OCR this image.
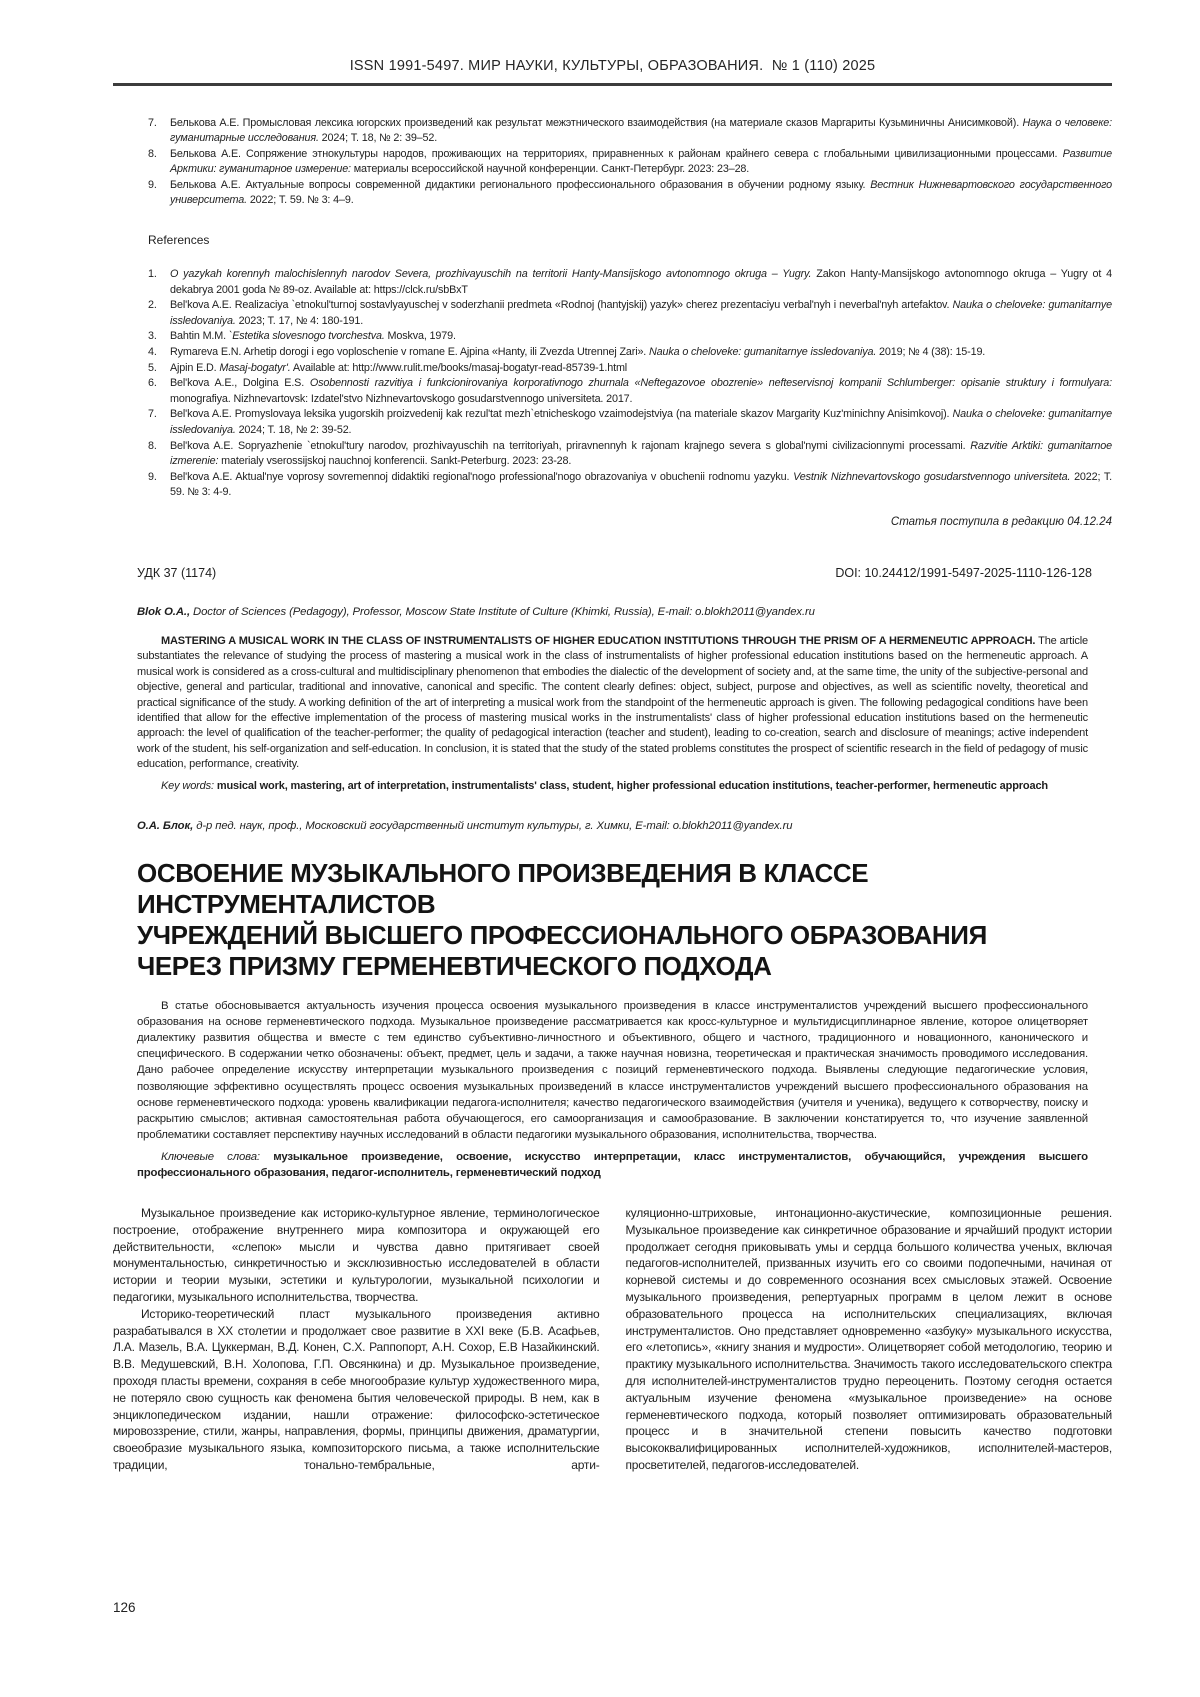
ISSN 1991-5497. МИР НАУКИ, КУЛЬТУРЫ, ОБРАЗОВАНИЯ.  № 1 (110) 2025
7. Белькова А.Е. Промысловая лексика югорских произведений как результат межэтнического взаимодействия (на материале сказов Маргариты Кузьминичны Анисимковой). Наука о человеке: гуманитарные исследования. 2024; Т. 18, № 2: 39–52.
8. Белькова А.Е. Сопряжение этнокультуры народов, проживающих на территориях, приравненных к районам крайнего севера с глобальными цивилизационными процессами. Развитие Арктики: гуманитарное измерение: материалы всероссийской научной конференции. Санкт-Петербург. 2023: 23–28.
9. Белькова А.Е. Актуальные вопросы современной дидактики регионального профессионального образования в обучении родному языку. Вестник Нижневартовского государственного университета. 2022; Т. 59. № 3: 4–9.
References
1. O yazykah korennyh malochislennyh narodov Severa, prozhivayuschih na territorii Hanty-Mansijskogo avtonomnogo okruga – Yugry. Zakon Hanty-Mansijskogo avtonomnogo okruga – Yugry ot 4 dekabrya 2001 goda № 89-oz. Available at: https://clck.ru/sbBxT
2. Bel'kova A.E. Realizaciya `etnokul'turnoj sostavlyayuschej v soderzhanii predmeta «Rodnoj (hantyjskij) yazyk» cherez prezentaciyu verbal'nyh i neverbal'nyh artefaktov. Nauka o cheloveke: gumanitarnye issledovaniya. 2023; T. 17, № 4: 180-191.
3. Bahtin M.M. `Estetika slovesnogo tvorchestva. Moskva, 1979.
4. Rymareva E.N. Arhetip dorogi i ego voploschenie v romane E. Ajpina «Hanty, ili Zvezda Utrennej Zari». Nauka o cheloveke: gumanitarnye issledovaniya. 2019; № 4 (38): 15-19.
5. Ajpin E.D. Masaj-bogatyr'. Available at: http://www.rulit.me/books/masaj-bogatyr-read-85739-1.html
6. Bel'kova A.E., Dolgina E.S. Osobennosti razvitiya i funkcionirovaniya korporativnogo zhurnala «Neftegazovoe obozrenie» nefteservisnoj kompanii Schlumberger: opisanie struktury i formulyara: monografiya. Nizhnevartovsk: Izdatel'stvo Nizhnevartovskogo gosudarstvennogo universiteta. 2017.
7. Bel'kova A.E. Promyslovaya leksika yugorskih proizvedenij kak rezul'tat mezh`etnicheskogo vzaimodejstviya (na materiale skazov Margarity Kuz'minichny Anisimkovoj). Nauka o cheloveke: gumanitarnye issledovaniya. 2024; T. 18, № 2: 39-52.
8. Bel'kova A.E. Sopryazhenie `etnokul'tury narodov, prozhivayuschih na territoriyah, priravnennyh k rajonam krajnego severa s global'nymi civilizacionnymi processami. Razvitie Arktiki: gumanitarnoe izmerenie: materialy vserossijskoj nauchnoj konferencii. Sankt-Peterburg. 2023: 23-28.
9. Bel'kova A.E. Aktual'nye voprosy sovremennoj didaktiki regional'nogo professional'nogo obrazovaniya v obuchenii rodnomu yazyku. Vestnik Nizhnevartovskogo gosudarstvennogo universiteta. 2022; T. 59. № 3: 4-9.
Статья поступила в редакцию 04.12.24
УДК 37 (1174)	DOI: 10.24412/1991-5497-2025-1110-126-128
Blok O.A., Doctor of Sciences (Pedagogy), Professor, Moscow State Institute of Culture (Khimki, Russia), E-mail: o.blokh2011@yandex.ru

MASTERING A MUSICAL WORK IN THE CLASS OF INSTRUMENTALISTS OF HIGHER EDUCATION INSTITUTIONS THROUGH THE PRISM OF A HERMENEUTIC APPROACH. The article substantiates the relevance of studying the process of mastering a musical work in the class of instrumentalists of higher professional education institutions based on the hermeneutic approach. A musical work is considered as a cross-cultural and multidisciplinary phenomenon that embodies the dialectic of the development of society and, at the same time, the unity of the subjective-personal and objective, general and particular, traditional and innovative, canonical and specific. The content clearly defines: object, subject, purpose and objectives, as well as scientific novelty, theoretical and practical significance of the study. A working definition of the art of interpreting a musical work from the standpoint of the hermeneutic approach is given. The following pedagogical conditions have been identified that allow for the effective implementation of the process of mastering musical works in the instrumentalists' class of higher professional education institutions based on the hermeneutic approach: the level of qualification of the teacher-performer; the quality of pedagogical interaction (teacher and student), leading to co-creation, search and disclosure of meanings; active independent work of the student, his self-organization and self-education. In conclusion, it is stated that the study of the stated problems constitutes the prospect of scientific research in the field of pedagogy of music education, performance, creativity.

Key words: musical work, mastering, art of interpretation, instrumentalists' class, student, higher professional education institutions, teacher-performer, hermeneutic approach

О.А. Блок, д-р пед. наук, проф., Московский государственный институт культуры, г. Химки, E-mail: o.blokh2011@yandex.ru
ОСВОЕНИЕ МУЗЫКАЛЬНОГО ПРОИЗВЕДЕНИЯ В КЛАССЕ ИНСТРУМЕНТАЛИСТОВ
УЧРЕЖДЕНИЙ ВЫСШЕГО ПРОФЕССИОНАЛЬНОГО ОБРАЗОВАНИЯ
ЧЕРЕЗ ПРИЗМУ ГЕРМЕНЕВТИЧЕСКОГО ПОДХОДА

В статье обосновывается актуальность изучения процесса освоения музыкального произведения в классе инструменталистов учреждений высшего профессионального образования на основе герменевтического подхода. Музыкальное произведение рассматривается как кросс-культурное и мультидисциплинарное явление, которое олицетворяет диалектику развития общества и вместе с тем единство субъективно-личностного и объективного, общего и частного, традиционного и новационного, канонического и специфического. В содержании четко обозначены: объект, предмет, цель и задачи, а также научная новизна, теоретическая и практическая значимость проводимого исследования. Дано рабочее определение искусству интерпретации музыкального произведения с позиций герменевтического подхода. Выявлены следующие педагогические условия, позволяющие эффективно осуществлять процесс освоения музыкальных произведений в классе инструменталистов учреждений высшего профессионального образования на основе герменевтического подхода: уровень квалификации педагога-исполнителя; качество педагогического взаимодействия (учителя и ученика), ведущего к сотворчеству, поиску и раскрытию смыслов; активная самостоятельная работа обучающегося, его самоорганизация и самообразование. В заключении констатируется то, что изучение заявленной проблематики составляет перспективу научных исследований в области педагогики музыкального образования, исполнительства, творчества.

Ключевые слова: музыкальное произведение, освоение, искусство интерпретации, класс инструменталистов, обучающийся, учреждения высшего профессионального образования, педагог-исполнитель, герменевтический подход

Музыкальное произведение как историко-культурное явление, терминологическое построение, отображение внутреннего мира композитора и окружающей его действительности, «слепок» мысли и чувства давно притягивает своей монументальностью, синкретичностью и эксклюзивностью исследователей в области истории и теории музыки, эстетики и культурологии, музыкальной психологии и педагогики, музыкального исполнительства, творчества.

Историко-теоретический пласт музыкального произведения активно разрабатывался в ХХ столетии и продолжает свое развитие в XXI веке (Б.В. Асафьев, Л.А. Мазель, В.А. Цуккерман, В.Д. Конен, С.Х. Раппопорт, А.Н. Сохор, Е.В Назайкинский. В.В. Медушевский, В.Н. Холопова, Г.П. Овсянкина) и др. Музыкальное произведение, проходя пласты времени, сохраняя в себе многообразие культур художественного мира, не потеряло свою сущность как феномена бытия человеческой природы. В нем, как в энциклопедическом издании, нашли отражение: философско-эстетическое мировоззрение, стили, жанры, направления, формы, принципы движения, драматургии, своеобразие музыкального языка, композиторского письма, а также исполнительские традиции, тонально-тембральные, арти-

куляционно-штриховые, интонационно-акустические, композиционные решения. Музыкальное произведение как синкретичное образование и ярчайший продукт истории продолжает сегодня приковывать умы и сердца большого количества ученых, включая педагогов-исполнителей, призванных изучить его со своими подопечными, начиная от корневой системы и до современного осознания всех смысловых этажей. Освоение музыкального произведения, репертуарных программ в целом лежит в основе образовательного процесса на исполнительских специализациях, включая инструменталистов. Оно представляет одновременно «азбуку» музыкального искусства, его «летопись», «книгу знания и мудрости». Олицетворяет собой методологию, теорию и практику музыкального исполнительства. Значимость такого исследовательского спектра для исполнителей-инструменталистов трудно переоценить. Поэтому сегодня остается актуальным изучение феномена «музыкальное произведение» на основе герменевтического подхода, который позволяет оптимизировать образовательный процесс и в значительной степени повысить качество подготовки высококвалифицированных исполнителей-художников, исполнителей-мастеров, просветителей, педагогов-исследователей.

126
